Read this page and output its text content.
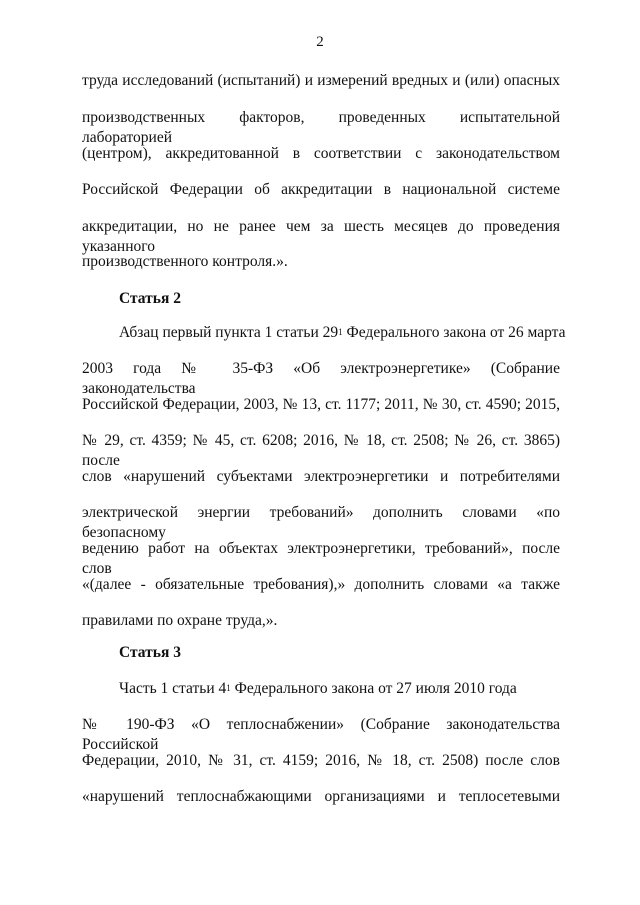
2
труда исследований (испытаний) и измерений вредных и (или) опасных
производственных факторов, проведенных испытательной лабораторией
(центром), аккредитованной в соответствии с законодательством
Российской Федерации об аккредитации в национальной системе
аккредитации, но не ранее чем за шесть месяцев до проведения указанного
производственного контроля.».
Статья 2
Абзац первый пункта 1 статьи $29^1$ Федерального закона от 26 марта
2003 года № 35-ФЗ «Об электроэнергетике» (Собрание законодательства
Российской Федерации, 2003, № 13, ст. 1177; 2011, № 30, ст. 4590; 2015,
№ 29, ст. 4359; № 45, ст. 6208; 2016, № 18, ст. 2508; № 26, ст. 3865) после
слов «нарушений субъектами электроэнергетики и потребителями
электрической энергии требований» дополнить словами «по безопасному
ведению работ на объектах электроэнергетики, требований», после слов
«(далее - обязательные требования),» дополнить словами «а также
правилами по охране труда,».
Статья 3
Часть 1 статьи $4^1$ Федерального закона от 27 июля 2010 года
№ 190-ФЗ «О теплоснабжении» (Собрание законодательства Российской
Федерации, 2010, № 31, ст. 4159; 2016, № 18, ст. 2508) после слов
«нарушений теплоснабжающими организациями и теплосетевыми
